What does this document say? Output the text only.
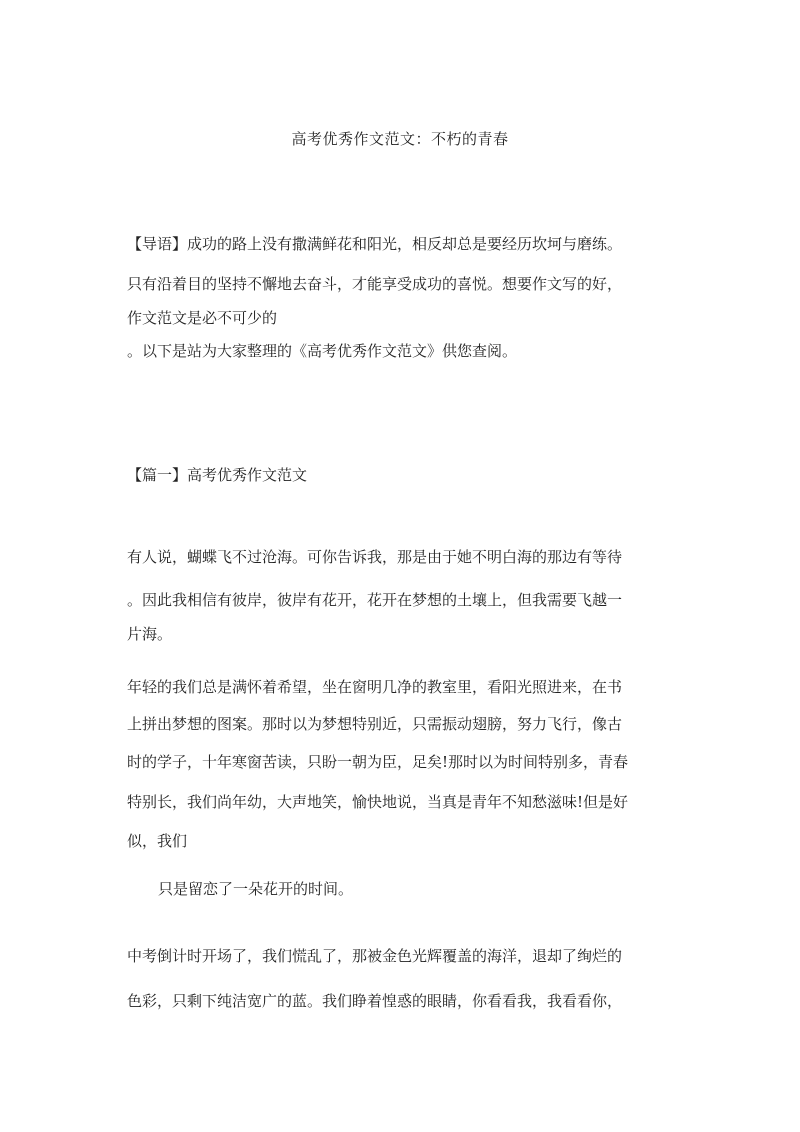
高考优秀作文范文：不朽的青春
【导语】成功的路上没有撒满鲜花和阳光，相反却总是要经历坎坷与磨练。
只有沿着目的坚持不懈地去奋斗，才能享受成功的喜悦。想要作文写的好，
作文范文是必不可少的
。以下是站为大家整理的《高考优秀作文范文》供您查阅。
【篇一】高考优秀作文范文
有人说，蝴蝶飞不过沧海。可你告诉我，那是由于她不明白海的那边有等待
。因此我相信有彼岸，彼岸有花开，花开在梦想的土壤上，但我需要飞越一
片海。
年轻的我们总是满怀着希望，坐在窗明几净的教室里，看阳光照进来，在书
上拼出梦想的图案。那时以为梦想特别近，只需振动翅膀，努力飞行，像古
时的学子，十年寒窗苦读，只盼一朝为臣，足矣!那时以为时间特别多，青春
特别长，我们尚年幼，大声地笑，愉快地说，当真是青年不知愁滋味!但是好
似，我们
只是留恋了一朵花开的时间。
中考倒计时开场了，我们慌乱了，那被金色光辉覆盖的海洋，退却了绚烂的
色彩，只剩下纯洁宽广的蓝。我们睁着惶惑的眼睛，你看看我，我看看你，
